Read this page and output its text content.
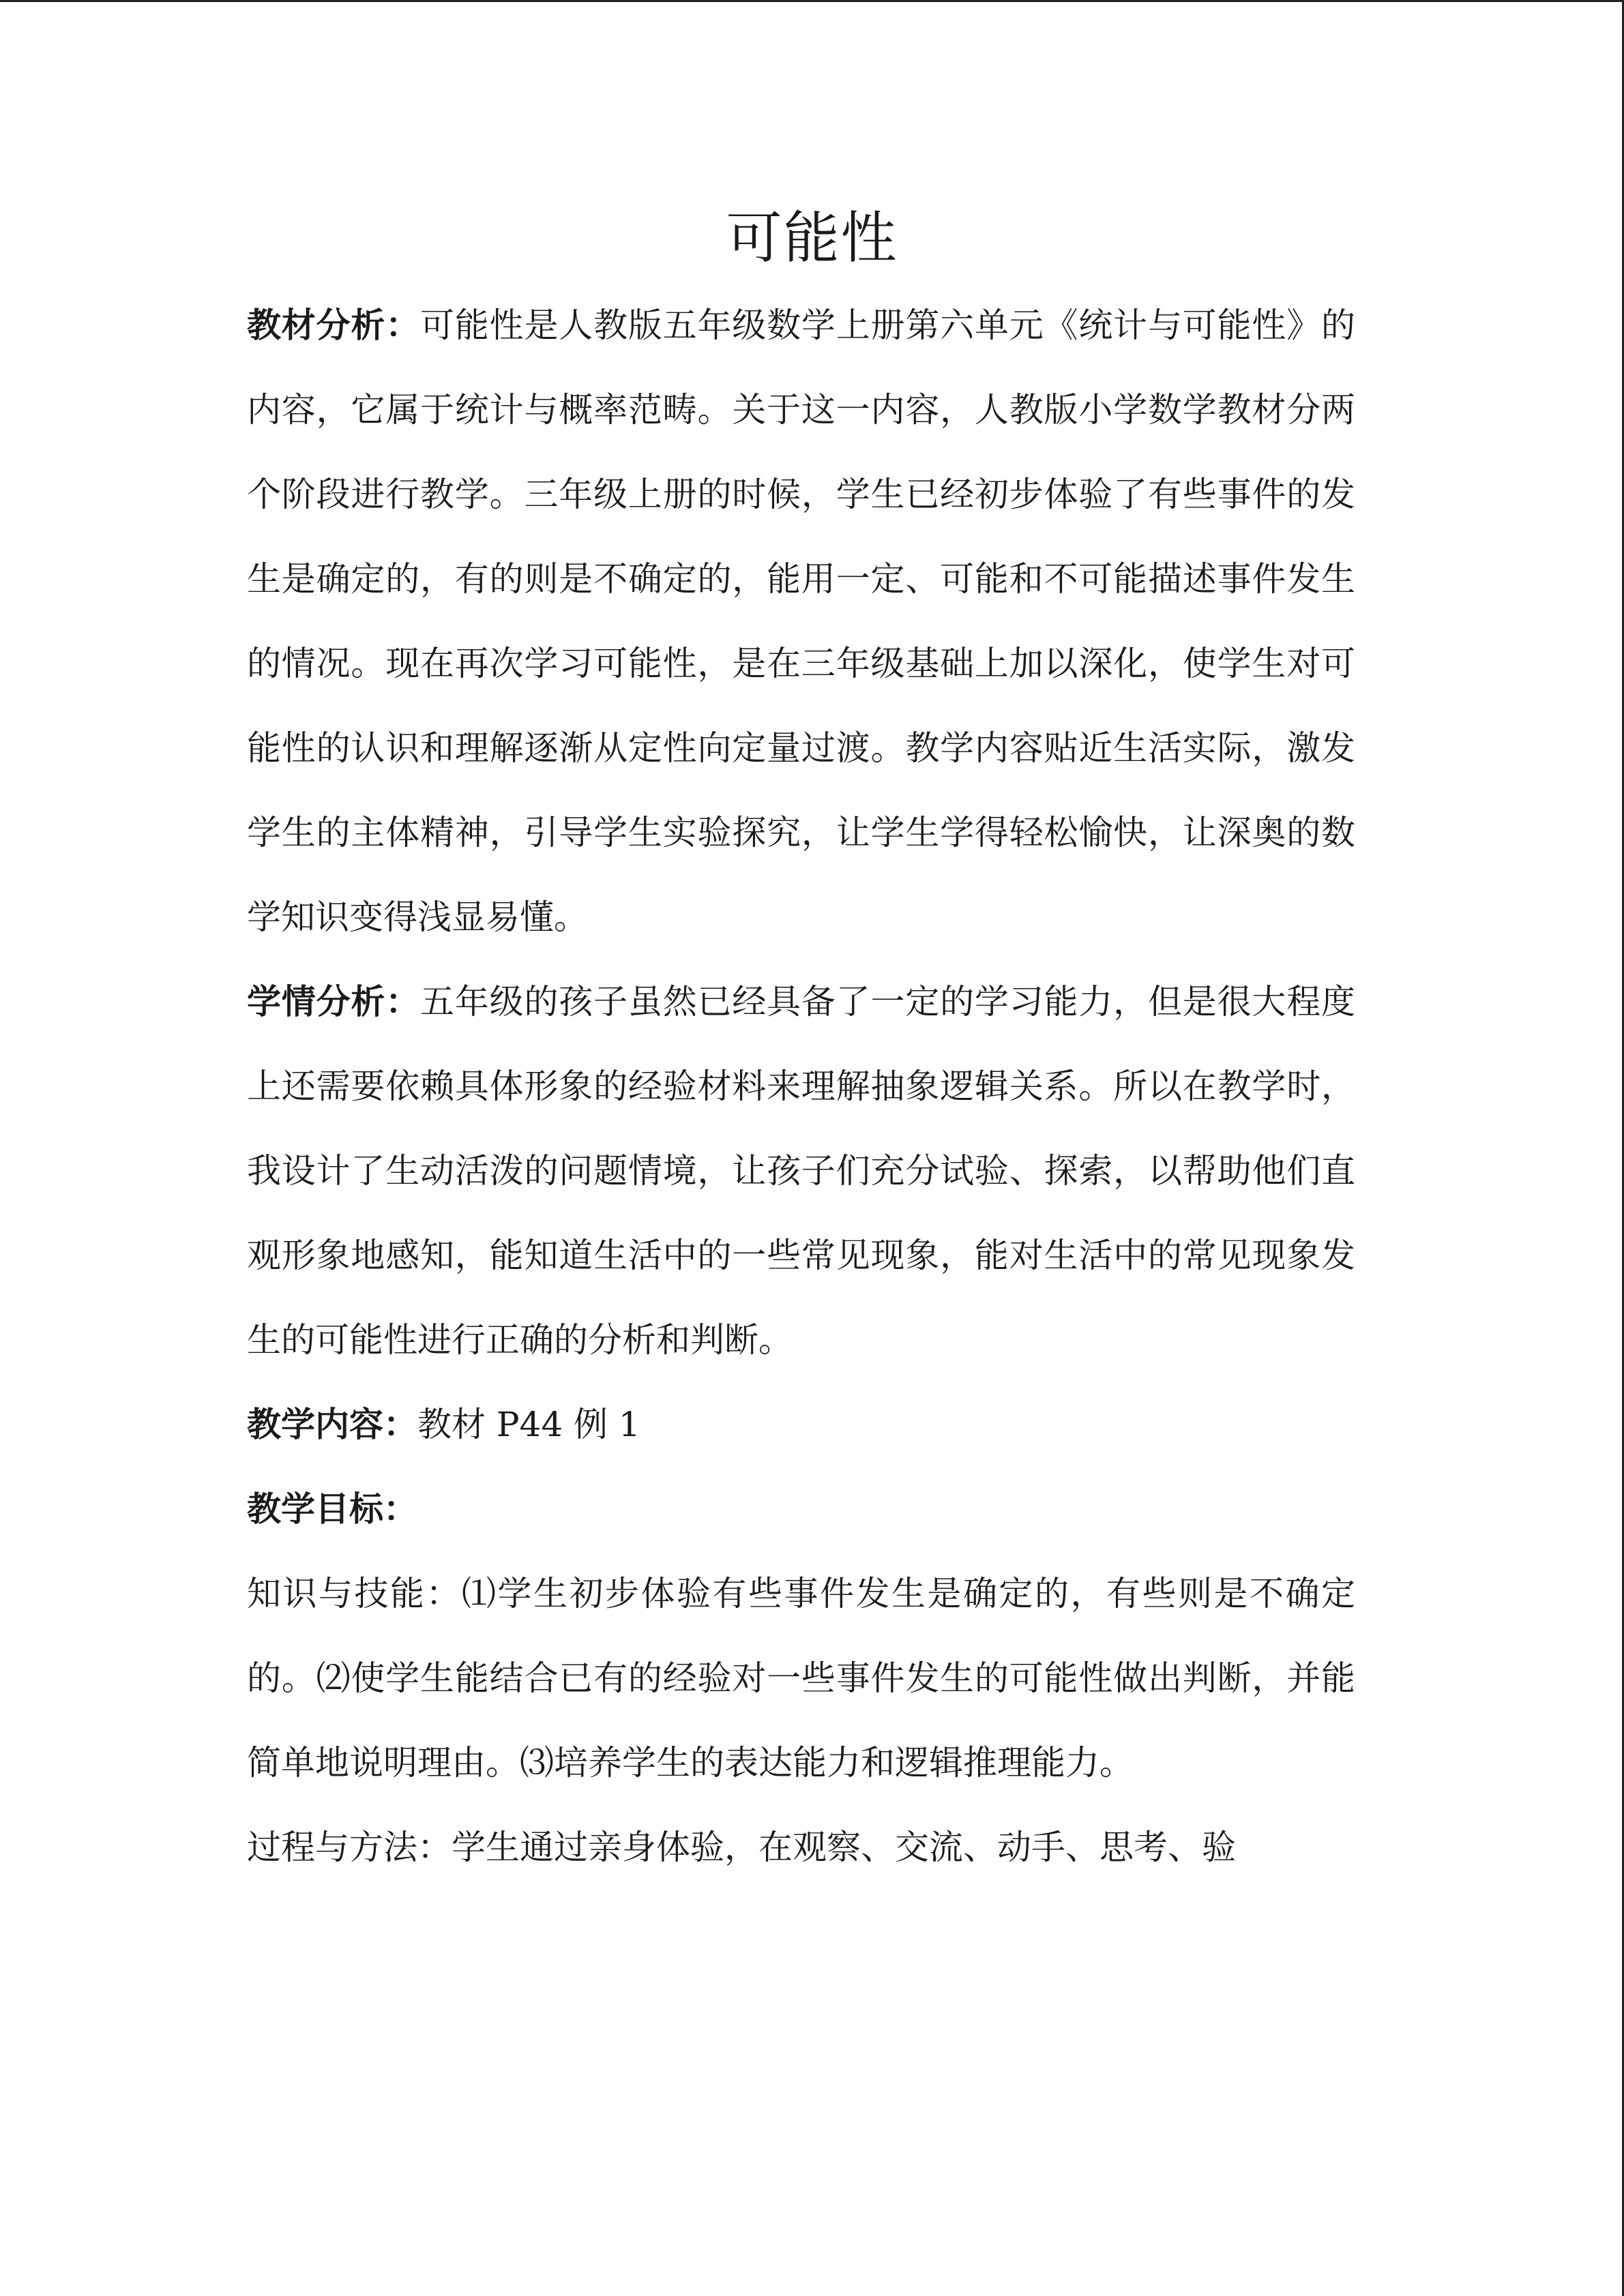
可能性

教材分析：可能性是人教版五年级数学上册第六单元《统计与可能性》的内容，它属于统计与概率范畴。关于这一内容，人教版小学数学教材分两个阶段进行教学。三年级上册的时候，学生已经初步体验了有些事件的发生是确定的，有的则是不确定的，能用一定、可能和不可能描述事件发生的情况。现在再次学习可能性，是在三年级基础上加以深化，使学生对可能性的认识和理解逐渐从定性向定量过渡。教学内容贴近生活实际，激发学生的主体精神，引导学生实验探究，让学生学得轻松愉快，让深奥的数学知识变得浅显易懂。

学情分析：五年级的孩子虽然已经具备了一定的学习能力，但是很大程度上还需要依赖具体形象的经验材料来理解抽象逻辑关系。所以在教学时，我设计了生动活泼的问题情境，让孩子们充分试验、探索，以帮助他们直观形象地感知，能知道生活中的一些常见现象，能对生活中的常见现象发生的可能性进行正确的分析和判断。

教学内容：教材 P44 例 1

教学目标：

知识与技能：⑴学生初步体验有些事件发生是确定的，有些则是不确定的。⑵使学生能结合已有的经验对一些事件发生的可能性做出判断，并能简单地说明理由。⑶培养学生的表达能力和逻辑推理能力。

过程与方法：学生通过亲身体验，在观察、交流、动手、思考、验
